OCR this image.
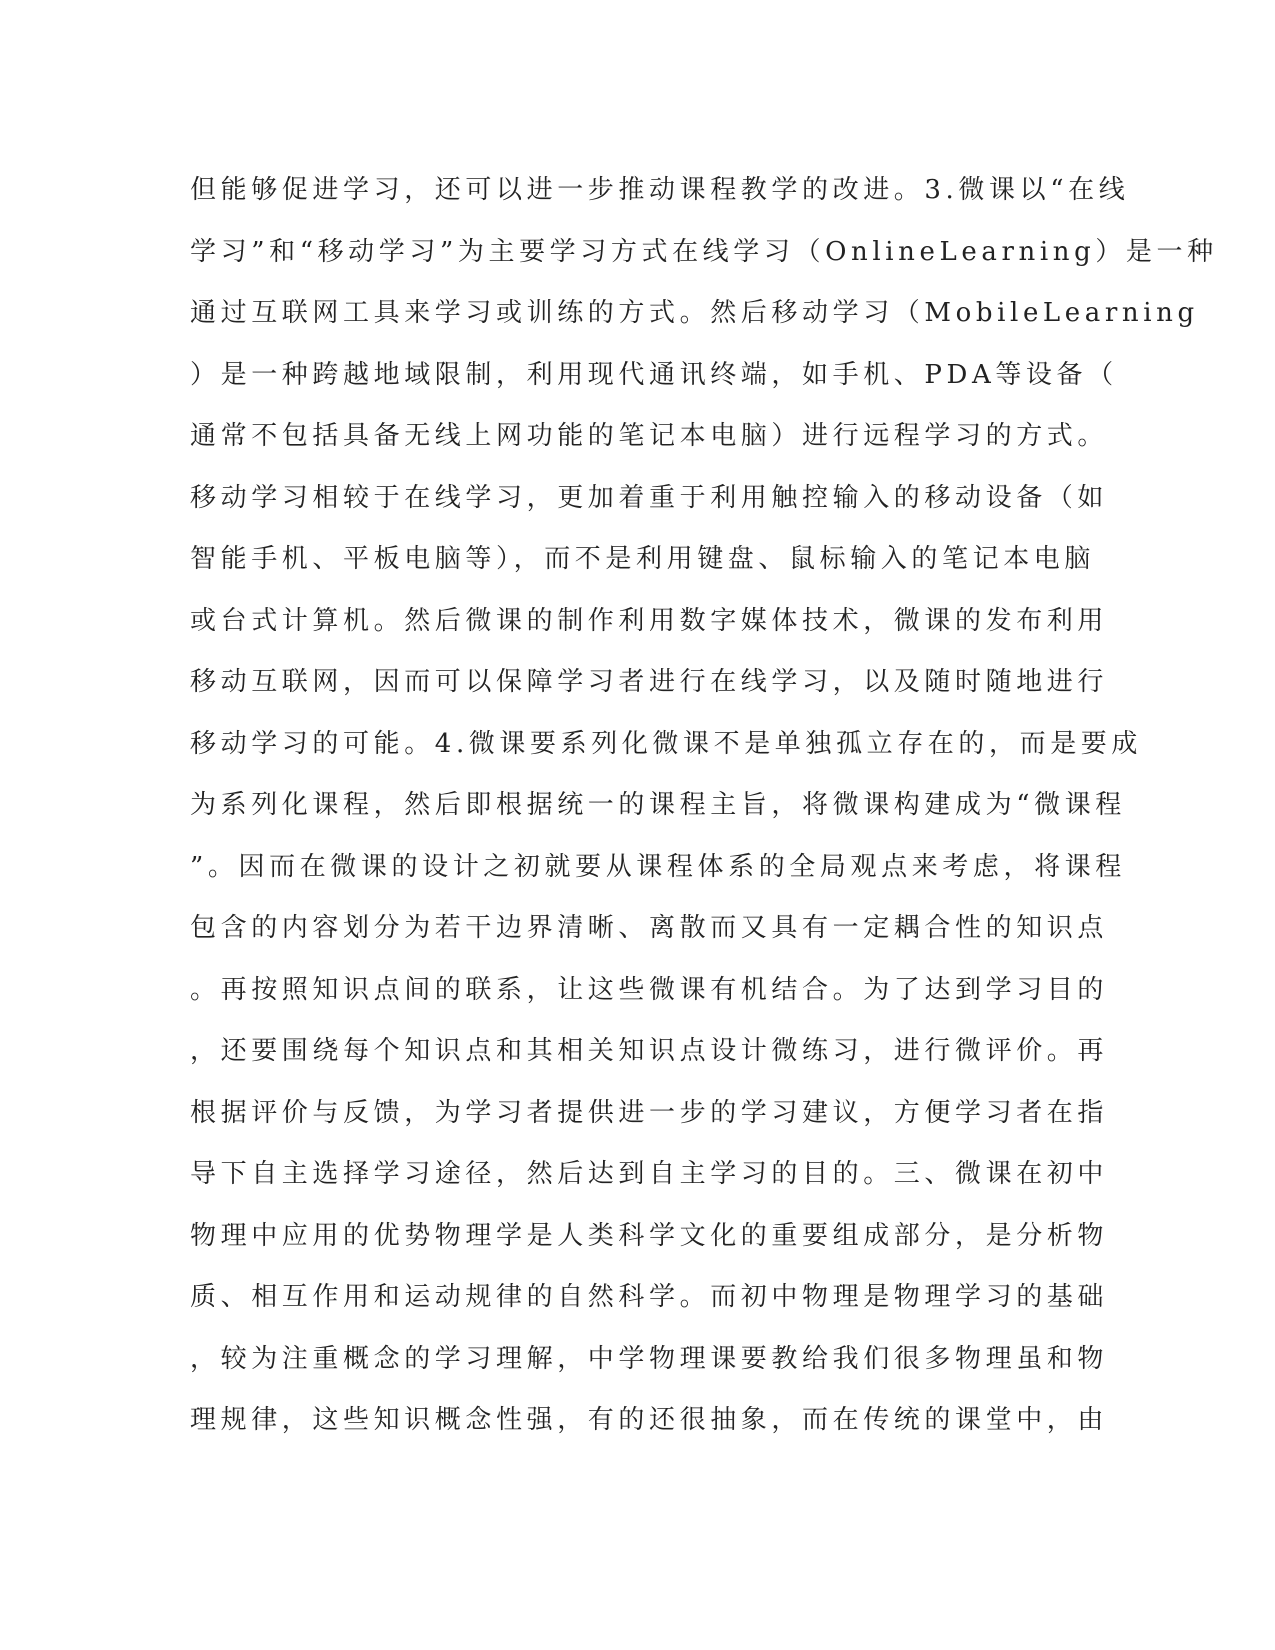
但能够促进学习，还可以进一步推动课程教学的改进。3.微课以“在线
学习”和“移动学习”为主要学习方式在线学习（OnlineLearning）是一种
通过互联网工具来学习或训练的方式。然后移动学习（MobileLearning
）是一种跨越地域限制，利用现代通讯终端，如手机、PDA等设备（
通常不包括具备无线上网功能的笔记本电脑）进行远程学习的方式。
移动学习相较于在线学习，更加着重于利用触控输入的移动设备（如
智能手机、平板电脑等），而不是利用键盘、鼠标输入的笔记本电脑
或台式计算机。然后微课的制作利用数字媒体技术，微课的发布利用
移动互联网，因而可以保障学习者进行在线学习，以及随时随地进行
移动学习的可能。4.微课要系列化微课不是单独孤立存在的，而是要成
为系列化课程，然后即根据统一的课程主旨，将微课构建成为“微课程
”。因而在微课的设计之初就要从课程体系的全局观点来考虑，将课程
包含的内容划分为若干边界清晰、离散而又具有一定耦合性的知识点
。再按照知识点间的联系，让这些微课有机结合。为了达到学习目的
，还要围绕每个知识点和其相关知识点设计微练习，进行微评价。再
根据评价与反馈，为学习者提供进一步的学习建议，方便学习者在指
导下自主选择学习途径，然后达到自主学习的目的。三、微课在初中
物理中应用的优势物理学是人类科学文化的重要组成部分，是分析物
质、相互作用和运动规律的自然科学。而初中物理是物理学习的基础
，较为注重概念的学习理解，中学物理课要教给我们很多物理虽和物
理规律，这些知识概念性强，有的还很抽象，而在传统的课堂中，由
